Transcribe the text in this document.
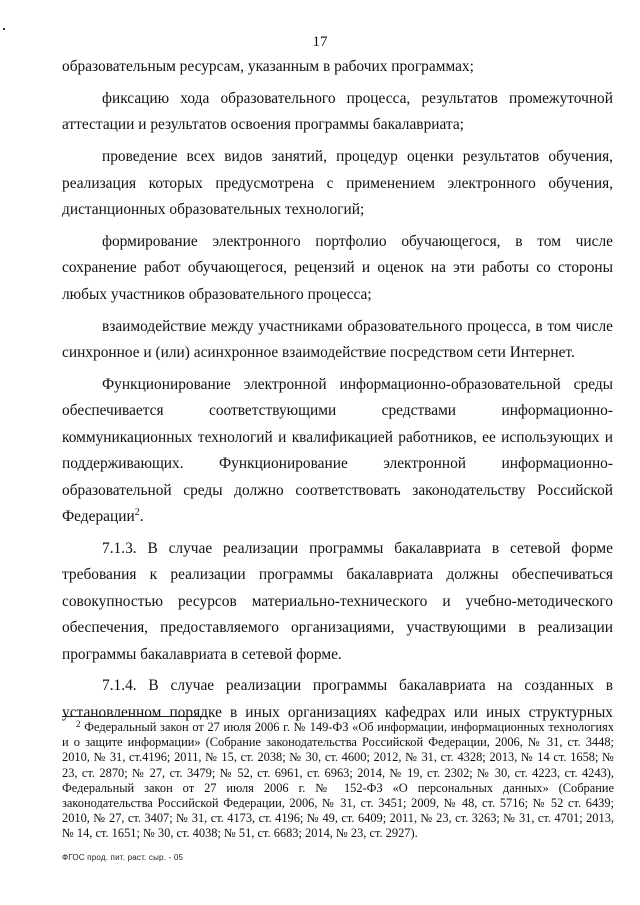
17

образовательным ресурсам, указанным в рабочих программах;

фиксацию хода образовательного процесса, результатов промежуточной аттестации и результатов освоения программы бакалавриата;

проведение всех видов занятий, процедур оценки результатов обучения, реализация которых предусмотрена с применением электронного обучения, дистанционных образовательных технологий;

формирование электронного портфолио обучающегося, в том числе сохранение работ обучающегося, рецензий и оценок на эти работы со стороны любых участников образовательного процесса;

взаимодействие между участниками образовательного процесса, в том числе синхронное и (или) асинхронное взаимодействие посредством сети Интернет.

Функционирование электронной информационно-образовательной среды обеспечивается соответствующими средствами информационно-коммуникационных технологий и квалификацией работников, ее использующих и поддерживающих. Функционирование электронной информационно-образовательной среды должно соответствовать законодательству Российской Федерации$^2$.

7.1.3. В случае реализации программы бакалавриата в сетевой форме требования к реализации программы бакалавриата должны обеспечиваться совокупностью ресурсов материально-технического и учебно-методического обеспечения, предоставляемого организациями, участвующими в реализации программы бакалавриата в сетевой форме.

7.1.4. В случае реализации программы бакалавриата на созданных в установленном порядке в иных организациях кафедрах или иных структурных

$^2$ Федеральный закон от 27 июля 2006 г. № 149-ФЗ «Об информации, информационных технологиях и о защите информации» (Собрание законодательства Российской Федерации, 2006, № 31, ст. 3448; 2010, № 31, ст.4196; 2011, № 15, ст. 2038; № 30, ст. 4600; 2012, № 31, ст. 4328; 2013, № 14 ст. 1658; № 23, ст. 2870; № 27, ст. 3479; № 52, ст. 6961, ст. 6963; 2014, № 19, ст. 2302; № 30, ст. 4223, ст. 4243), Федеральный закон от 27 июля 2006 г. № 152-ФЗ «О персональных данных» (Собрание законодательства Российской Федерации, 2006, № 31, ст. 3451; 2009, № 48, ст. 5716; № 52 ст. 6439; 2010, № 27, ст. 3407; № 31, ст. 4173, ст. 4196; № 49, ст. 6409; 2011, № 23, ст. 3263; № 31, ст. 4701; 2013, № 14, ст. 1651; № 30, ст. 4038; № 51, ст. 6683; 2014, № 23, ст. 2927).
ФГОС прод. пит. раст. сыр. - 05
